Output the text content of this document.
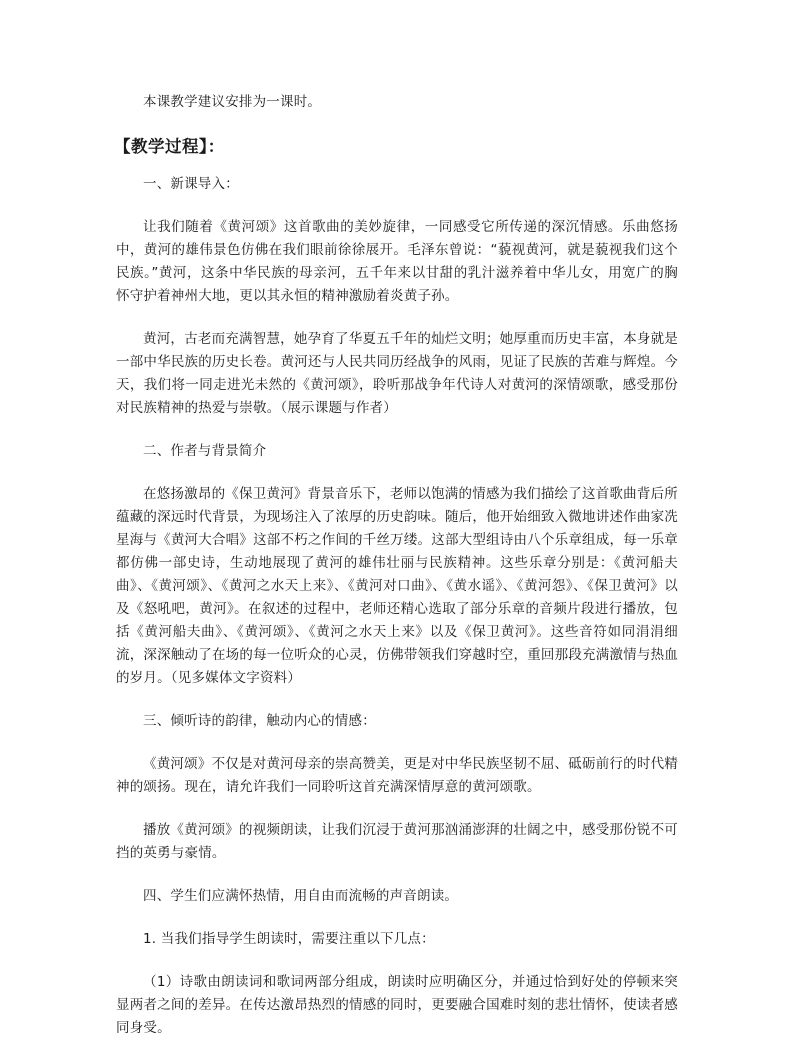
本课教学建议安排为一课时。

【教学过程】：

一、新课导入：

让我们随着《黄河颂》这首歌曲的美妙旋律，一同感受它所传递的深沉情感。乐曲悠扬中，黄河的雄伟景色仿佛在我们眼前徐徐展开。毛泽东曾说：“藐视黄河，就是藐视我们这个民族。”黄河，这条中华民族的母亲河，五千年来以甘甜的乳汁滋养着中华儿女，用宽广的胸怀守护着神州大地，更以其永恒的精神激励着炎黄子孙。

黄河，古老而充满智慧，她孕育了华夏五千年的灿烂文明；她厚重而历史丰富，本身就是一部中华民族的历史长卷。黄河还与人民共同历经战争的风雨，见证了民族的苦难与辉煌。今天，我们将一同走进光未然的《黄河颂》，聆听那战争年代诗人对黄河的深情颂歌，感受那份对民族精神的热爱与崇敬。（展示课题与作者）

二、作者与背景简介

在悠扬激昂的《保卫黄河》背景音乐下，老师以饱满的情感为我们描绘了这首歌曲背后所蕴藏的深远时代背景，为现场注入了浓厚的历史韵味。随后，他开始细致入微地讲述作曲家冼星海与《黄河大合唱》这部不朽之作间的千丝万缕。这部大型组诗由八个乐章组成，每一乐章都仿佛一部史诗，生动地展现了黄河的雄伟壮丽与民族精神。这些乐章分别是：《黄河船夫曲》、《黄河颂》、《黄河之水天上来》、《黄河对口曲》、《黄水谣》、《黄河怨》、《保卫黄河》以及《怒吼吧，黄河》。在叙述的过程中，老师还精心选取了部分乐章的音频片段进行播放，包括《黄河船夫曲》、《黄河颂》、《黄河之水天上来》以及《保卫黄河》。这些音符如同涓涓细流，深深触动了在场的每一位听众的心灵，仿佛带领我们穿越时空，重回那段充满激情与热血的岁月。（见多媒体文字资料）

三、倾听诗的韵律，触动内心的情感：

《黄河颂》不仅是对黄河母亲的崇高赞美，更是对中华民族坚韧不屈、砥砺前行的时代精神的颂扬。现在，请允许我们一同聆听这首充满深情厚意的黄河颂歌。

播放《黄河颂》的视频朗读，让我们沉浸于黄河那汹涌澎湃的壮阔之中，感受那份锐不可挡的英勇与豪情。

四、学生们应满怀热情，用自由而流畅的声音朗读。

1. 当我们指导学生朗读时，需要注重以下几点：

（1）诗歌由朗读词和歌词两部分组成，朗读时应明确区分，并通过恰到好处的停顿来突显两者之间的差异。在传达激昂热烈的情感的同时，更要融合国难时刻的悲壮情怀，使读者感同身受。
